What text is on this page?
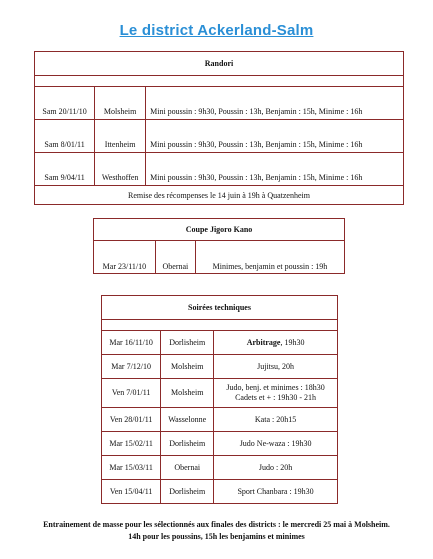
Le district Ackerland-Salm
Randori		

Sam 20/11/10	Molsheim	Mini poussin : 9h30, Poussin : 13h, Benjamin : 15h, Minime : 16h
Sam 8/01/11	Ittenheim	Mini poussin : 9h30, Poussin : 13h, Benjamin : 15h, Minime : 16h
Sam 9/04/11	Westhoffen	Mini poussin : 9h30, Poussin : 13h, Benjamin : 15h, Minime : 16h
Remise des récompenses le 14 juin à 19h à Quatzenheim		
Coupe Jigoro Kano
Mar 23/11/10	Obernai	Minimes, benjamin et poussin : 19h
Soirées techniques		

Mar 16/11/10	Dorlisheim	Arbitrage, 19h30
Mar 7/12/10	Molsheim	Jujitsu, 20h
Ven 7/01/11	Molsheim	Judo, benj. et minimes : 18h30
Cadets et + : 19h30 - 21h

Ven 28/01/11	Wasselonne	Kata : 20h15
Mar 15/02/11	Dorlisheim	Judo Ne-waza : 19h30
Mar 15/03/11	Obernai	Judo : 20h
Ven 15/04/11	Dorlisheim	Sport Chanbara : 19h30
Entrainement de masse pour les sélectionnés aux finales des districts : le mercredi 25 mai à Molsheim.
14h pour les poussins, 15h les benjamins et minimes
